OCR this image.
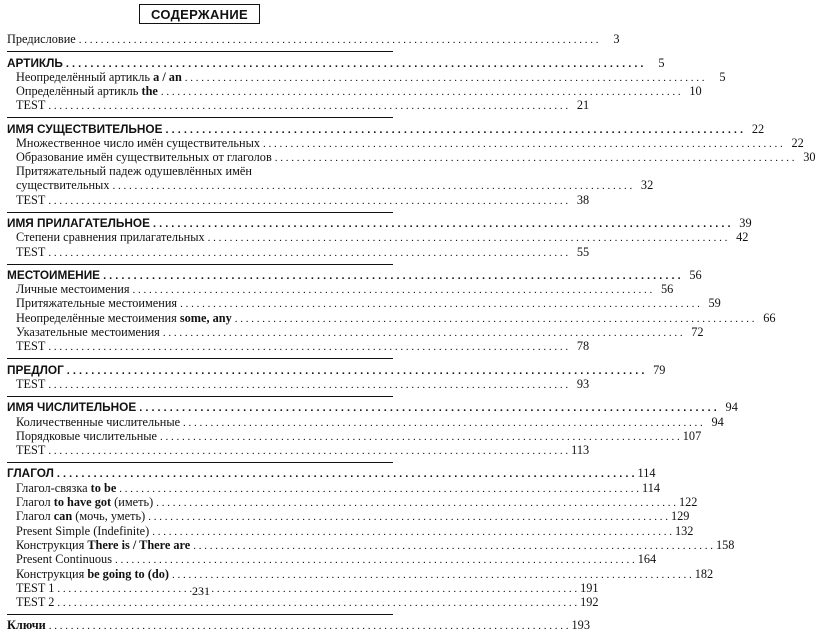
СОДЕРЖАНИЕ
Предисловие . . .	3
АРТИКЛЬ . . .	5
Неопределённый артикль a / an . . .	5
Определённый артикль the . . .	10
TEST . . .	21
ИМЯ СУЩЕСТВИТЕЛЬНОЕ . . .	22
Множественное число имён существительных . . .	22
Образование имён существительных от глаголов . . .	30
Притяжательный падеж одушевлённых имён
существительных . . .	32
TEST . . .	38
ИМЯ ПРИЛАГАТЕЛЬНОЕ . . .	39
Степени сравнения прилагательных . . .	42
TEST . . .	55
МЕСТОИМЕНИЕ . . .	56
Личные местоимения . . .	56
Притяжательные местоимения . . .	59
Неопределённые местоимения some, any . . .	66
Указательные местоимения . . .	72
TEST . . .	78
ПРЕДЛОГ . . .	79
TEST . . .	93
ИМЯ ЧИСЛИТЕЛЬНОЕ . . .	94
Количественные числительные . . .	94
Порядковые числительные . . .	107
TEST . . .	113
ГЛАГОЛ . . .	114
Глагол-связка to be . . .	114
Глагол to have got (иметь) . . .	122
Глагол can (мочь, уметь) . . .	129
Present Simple (Indefinite) . . .	132
Конструкция There is / There are . . .	158
Present Continuous . . .	164
Конструкция be going to (do) . . .	182
TEST 1 . . .	191
TEST 2 . . .	192
Ключи . . .	193
231
